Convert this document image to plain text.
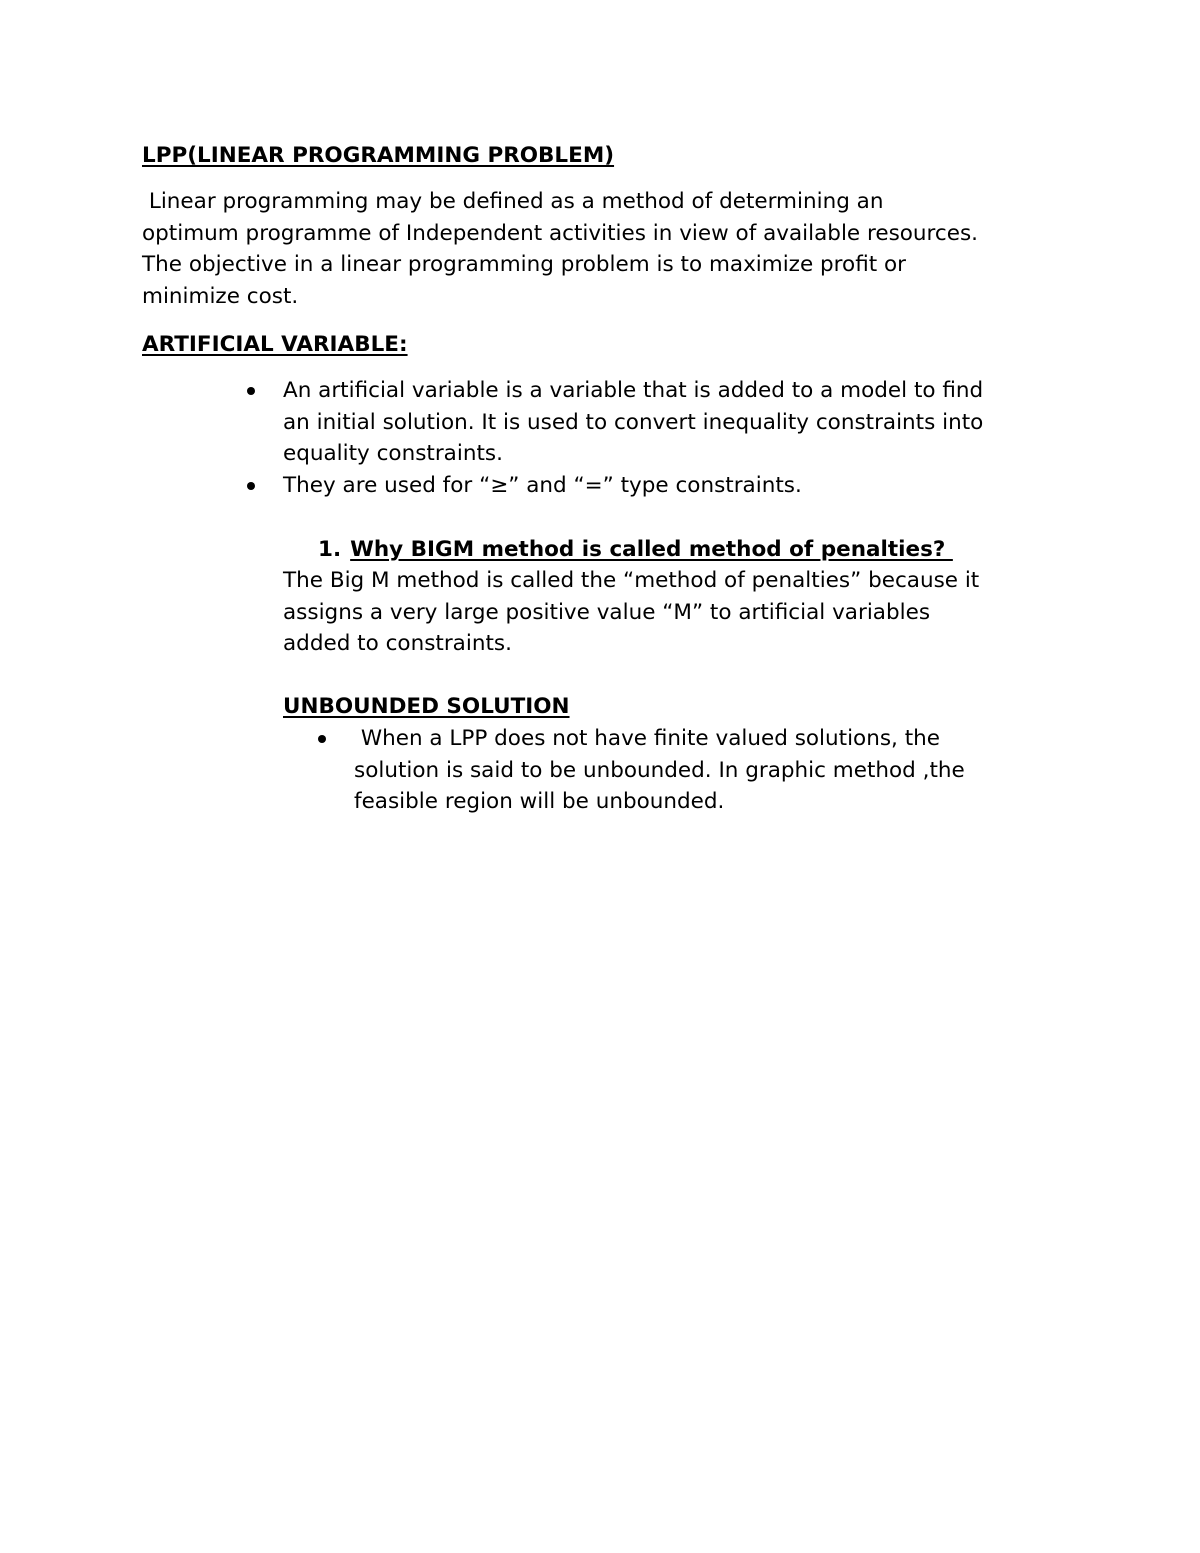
LPP(LINEAR PROGRAMMING PROBLEM)
Linear programming may be defined as a method of determining an
optimum programme of Independent activities in view of available resources.
The objective in a linear programming problem is to maximize profit or
minimize cost.
ARTIFICIAL VARIABLE:
An artificial variable is a variable that is added to a model to find
an initial solution. It is used to convert inequality constraints into
equality constraints.
They are used for “≥” and “=” type constraints.
1. Why BIGM method is called method of penalties?
The Big M method is called the “method of penalties” because it
assigns a very large positive value “M” to artificial variables
added to constraints.
UNBOUNDED SOLUTION
When a LPP does not have finite valued solutions, the
solution is said to be unbounded. In graphic method ,the
feasible region will be unbounded.
